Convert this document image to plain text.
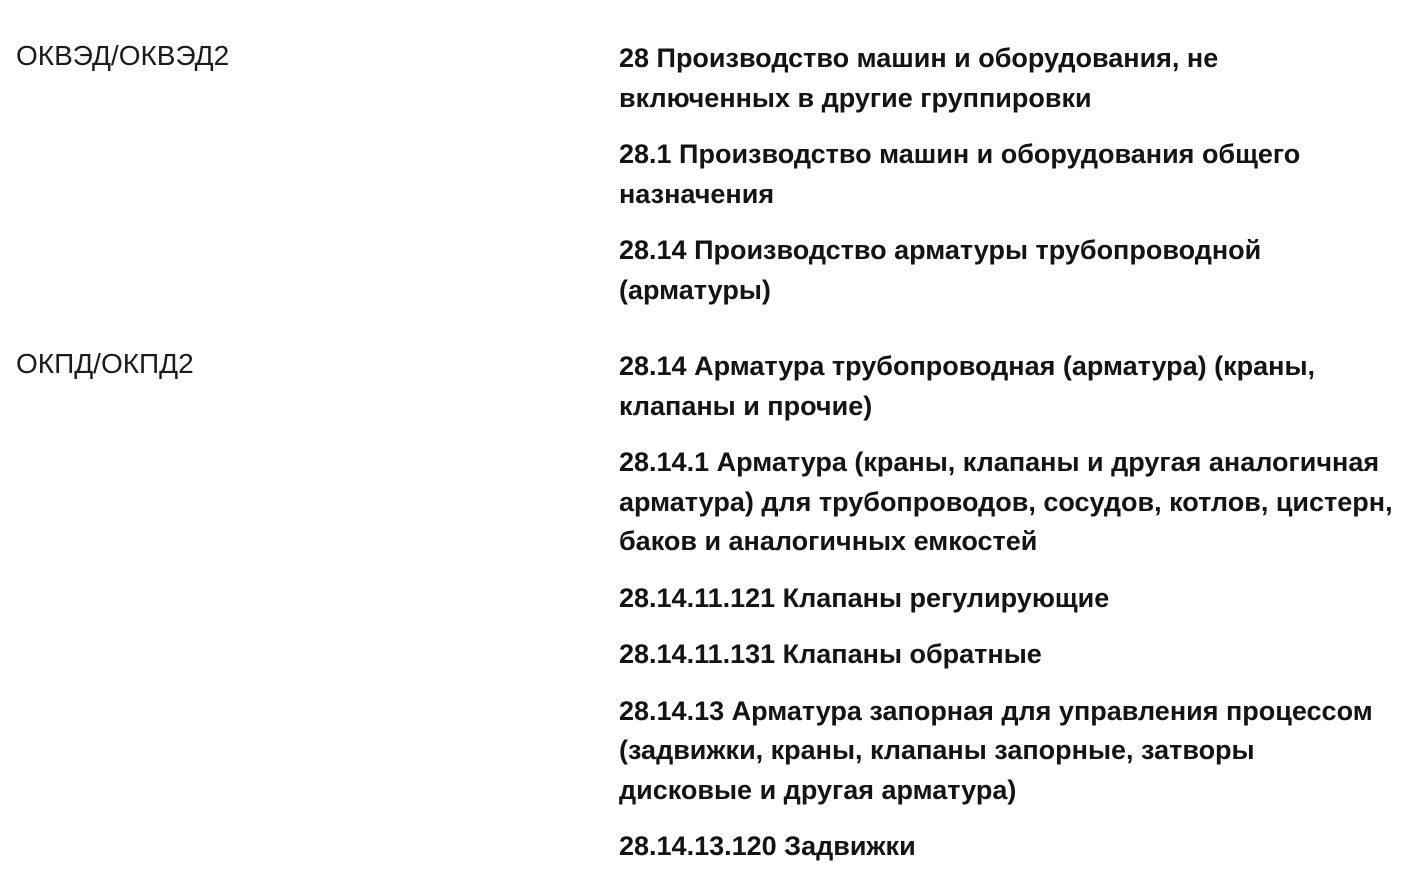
ОКВЭД/ОКВЭД2	28 Производство машин и оборудования, не включенных в другие группировки
28.1 Производство машин и оборудования общего назначения
28.14 Производство арматуры трубопроводной (арматуры)
ОКПД/ОКПД2	28.14 Арматура трубопроводная (арматура) (краны, клапаны и прочие)
28.14.1 Арматура (краны, клапаны и другая аналогичная арматура) для трубопроводов, сосудов, котлов, цистерн, баков и аналогичных емкостей
28.14.11.121 Клапаны регулирующие
28.14.11.131 Клапаны обратные
28.14.13 Арматура запорная для управления процессом (задвижки, краны, клапаны запорные, затворы дисковые и другая арматура)
28.14.13.120 Задвижки
